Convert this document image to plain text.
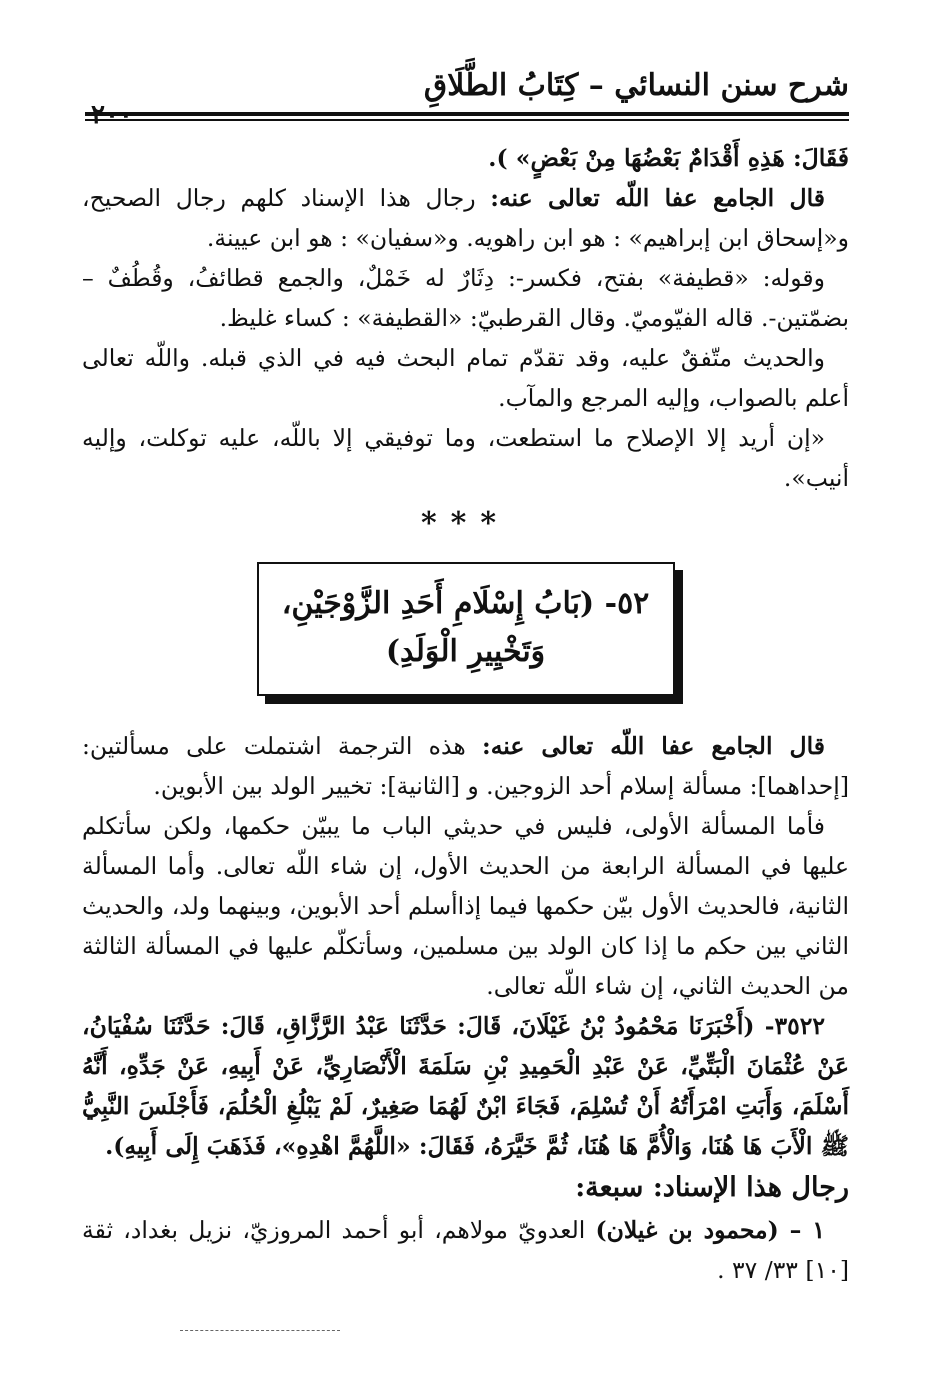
شرح سنن النسائي – كِتَابُ الطَّلَاقِ

فَقَالَ: هَذِهِ أَقْدَامٌ بَعْضُهَا مِنْ بَعْضٍ» ).

قال الجامع عفا اللّه تعالى عنه: رجال هذا الإسناد كلهم رجال الصحيح، و«إسحاق ابن إبراهيم» : هو ابن راهويه. و«سفيان» : هو ابن عيينة.

وقوله: «قطيفة» بفتح، فكسر-: دِثَارٌ له خَمْلٌ، والجمع قطائفُ، وقُطُفٌ – بضمّتين-. قاله الفيّوميّ. وقال القرطبيّ: «القطيفة» : كساء غليظ.

والحديث متّفقٌ عليه، وقد تقدّم تمام البحث فيه في الذي قبله. واللّه تعالى أعلم بالصواب، وإليه المرجع والمآب.

«إن أريد إلا الإصلاح ما استطعت، وما توفيقي إلا باللّه، عليه توكلت، وإليه أنيب».

***
٥٢- (بَابُ إِسْلَامِ أَحَدِ الزَّوْجَيْنِ،
وَتَخْيِيرِ الْوَلَدِ)

قال الجامع عفا اللّه تعالى عنه: هذه الترجمة اشتملت على مسألتين: [إحداهما]: مسألة إسلام أحد الزوجين. و [الثانية]: تخيير الولد بين الأبوين.

فأما المسألة الأولى، فليس في حديثي الباب ما يبيّن حكمها، ولكن سأتكلم عليها في المسألة الرابعة من الحديث الأول، إن شاء اللّه تعالى. وأما المسألة الثانية، فالحديث الأول بيّن حكمها فيما إذاأسلم أحد الأبوين، وبينهما ولد، والحديث الثاني بين حكم ما إذا كان الولد بين مسلمين، وسأتكلّم عليها في المسألة الثالثة من الحديث الثاني، إن شاء اللّه تعالى.

٣٥٢٢- (أَخْبَرَنَا مَحْمُودُ بْنُ غَيْلَانَ، قَالَ: حَدَّثَنَا عَبْدُ الرَّزَّاقِ، قَالَ: حَدَّثَنَا سُفْيَانُ، عَنْ عُثْمَانَ الْبَتِّيِّ، عَنْ عَبْدِ الْحَمِيدِ بْنِ سَلَمَةَ الْأَنْصَارِيِّ، عَنْ أَبِيهِ، عَنْ جَدِّهِ، أَنَّهُ أَسْلَمَ، وَأَبَتِ امْرَأَتُهُ أَنْ تُسْلِمَ، فَجَاءَ ابْنٌ لَهُمَا صَغِيرٌ، لَمْ يَبْلُغِ الْحُلُمَ، فَأَجْلَسَ النَّبِيُّ ﷺ الْأَبَ هَا هُنَا، وَالْأُمَّ هَا هُنَا، ثُمَّ خَيَّرَهُ، فَقَالَ: «اللَّهُمَّ اهْدِهِ»، فَذَهَبَ إِلَى أَبِيهِ).

رجال هذا الإسناد: سبعة:

١ – (محمود بن غيلان) العدويّ مولاهم، أبو أحمد المروزيّ، نزيل بغداد، ثقة [١٠] ٣٣/ ٣٧ .
